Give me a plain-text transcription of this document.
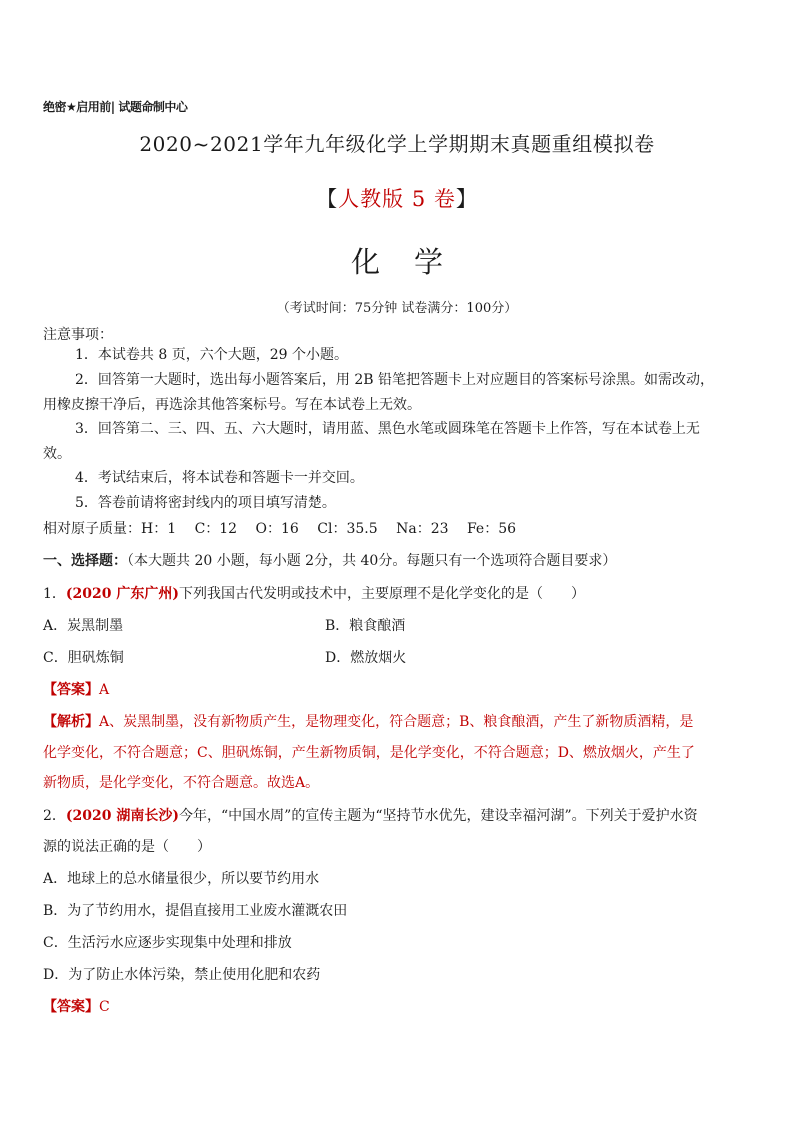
绝密★启用前| 试题命制中心
2020~2021学年九年级化学上学期期末真题重组模拟卷
【人教版 5 卷】
化 学
（考试时间：75分钟 试卷满分：100分）
注意事项：
1．本试卷共 8 页，六个大题，29 个小题。
2．回答第一大题时，选出每小题答案后，用 2B 铅笔把答题卡上对应题目的答案标号涂黑。如需改动，
用橡皮擦干净后，再选涂其他答案标号。写在本试卷上无效。
3．回答第二、三、四、五、六大题时，请用蓝、黑色水笔或圆珠笔在答题卡上作答，写在本试卷上无
效。
4．考试结束后，将本试卷和答题卡一并交回。
5．答卷前请将密封线内的项目填写清楚。
相对原子质量：H：1　 C：12　 O：16　 Cl：35.5　 Na：23　 Fe：56
一、选择题：（本大题共 20 小题，每小题 2分，共 40分。每题只有一个选项符合题目要求）
1．(2020 广东广州)下列我国古代发明或技术中，主要原理不是化学变化的是（　　）
A．炭黑制墨	B．粮食酿酒
C．胆矾炼铜	D．燃放烟火
【答案】A
【解析】A、炭黑制墨，没有新物质产生，是物理变化，符合题意；B、粮食酿酒，产生了新物质酒精，是
化学变化，不符合题意；C、胆矾炼铜，产生新物质铜，是化学变化，不符合题意；D、燃放烟火，产生了
新物质，是化学变化，不符合题意。故选A。
2．(2020 湖南长沙)今年，“中国水周”的宣传主题为“坚持节水优先，建设幸福河湖”。下列关于爱护水资
源的说法正确的是（　　）
A．地球上的总水储量很少，所以要节约用水
B．为了节约用水，提倡直接用工业废水灌溉农田
C．生活污水应逐步实现集中处理和排放
D．为了防止水体污染，禁止使用化肥和农药
【答案】C
